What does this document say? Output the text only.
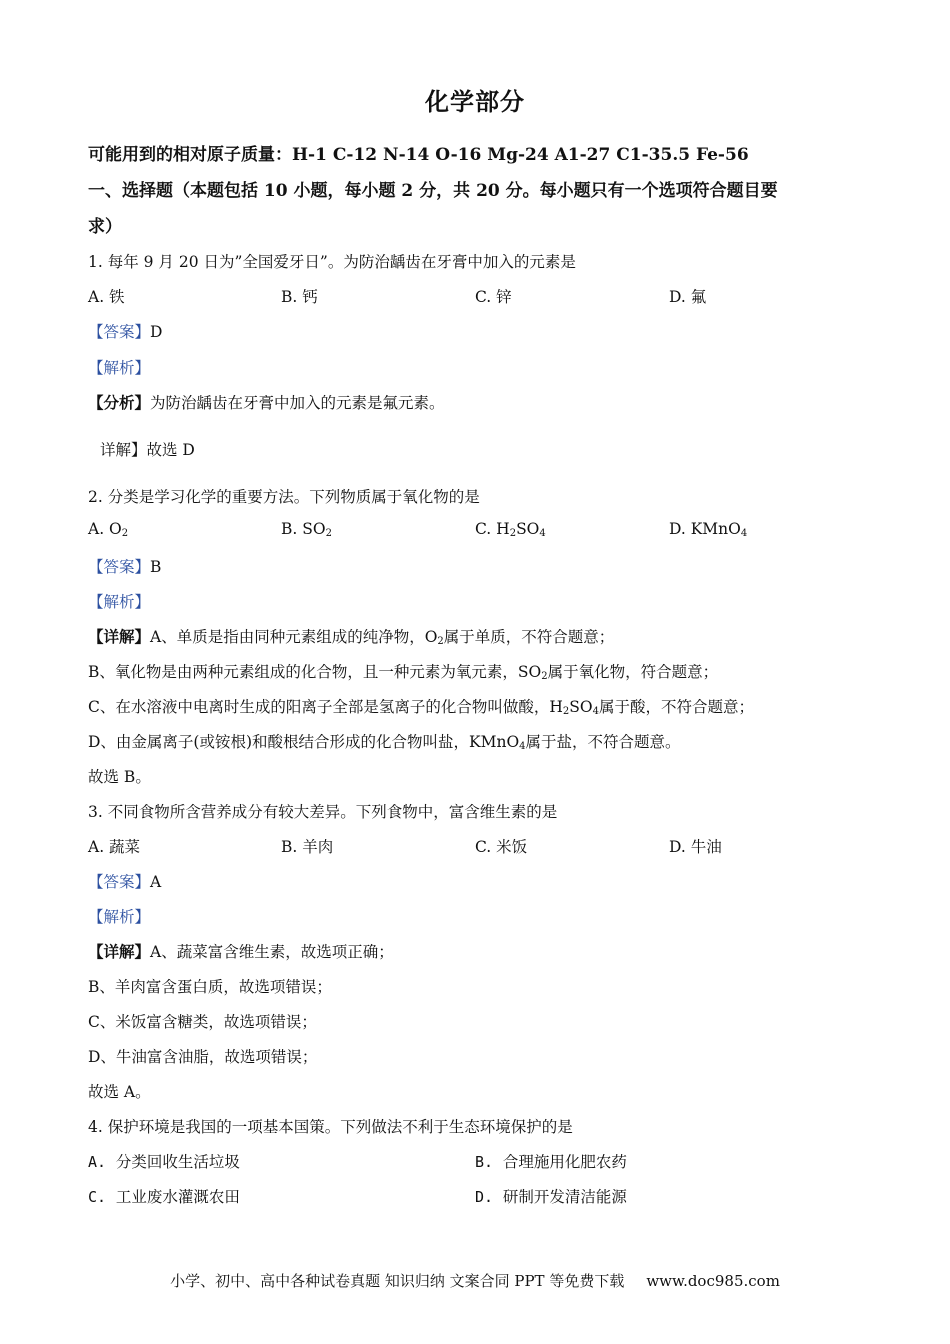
化学部分
可能用到的相对原子质量：H-1 C-12 N-14 O-16 Mg-24 A1-27 C1-35.5 Fe-56
一、选择题（本题包括 10 小题，每小题 2 分，共 20 分。每小题只有一个选项符合题目要
求）
1. 每年 9 月 20 日为”全国爱牙日”。为防治龋齿在牙膏中加入的元素是
A. 铁	B. 钙	C. 锌	D. 氟
【答案】D
【解析】
【分析】为防治龋齿在牙膏中加入的元素是氟元素。
详解】故选 D
2. 分类是学习化学的重要方法。下列物质属于氧化物的是
A. $O_2$	B. $SO_2$	C. $H_2SO_4$	D. KMnO$_4$
【答案】B
【解析】
【详解】A、单质是指由同种元素组成的纯净物，$O_2$属于单质，不符合题意；
B、氧化物是由两种元素组成的化合物，且一种元素为氧元素，$SO_2$属于氧化物，符合题意；
C、在水溶液中电离时生成的阳离子全部是氢离子的化合物叫做酸，$H_2SO_4$属于酸，不符合题意；
D、由金属离子(或铵根)和酸根结合形成的化合物叫盐，KMnO$_4$属于盐，不符合题意。
故选 B。
3. 不同食物所含营养成分有较大差异。下列食物中，富含维生素的是
A. 蔬菜	B. 羊肉	C. 米饭	D. 牛油
【答案】A
【解析】
【详解】A、蔬菜富含维生素，故选项正确；
B、羊肉富含蛋白质，故选项错误；
C、米饭富含糖类，故选项错误；
D、牛油富含油脂，故选项错误；
故选 A。
4. 保护环境是我国的一项基本国策。下列做法不利于生态环境保护的是
A. 分类回收生活垃圾	B. 合理施用化肥农药
C. 工业废水灌溉农田	D. 研制开发清洁能源
小学、初中、高中各种试卷真题 知识归纳 文案合同 PPT 等免费下载 www.doc985.com
